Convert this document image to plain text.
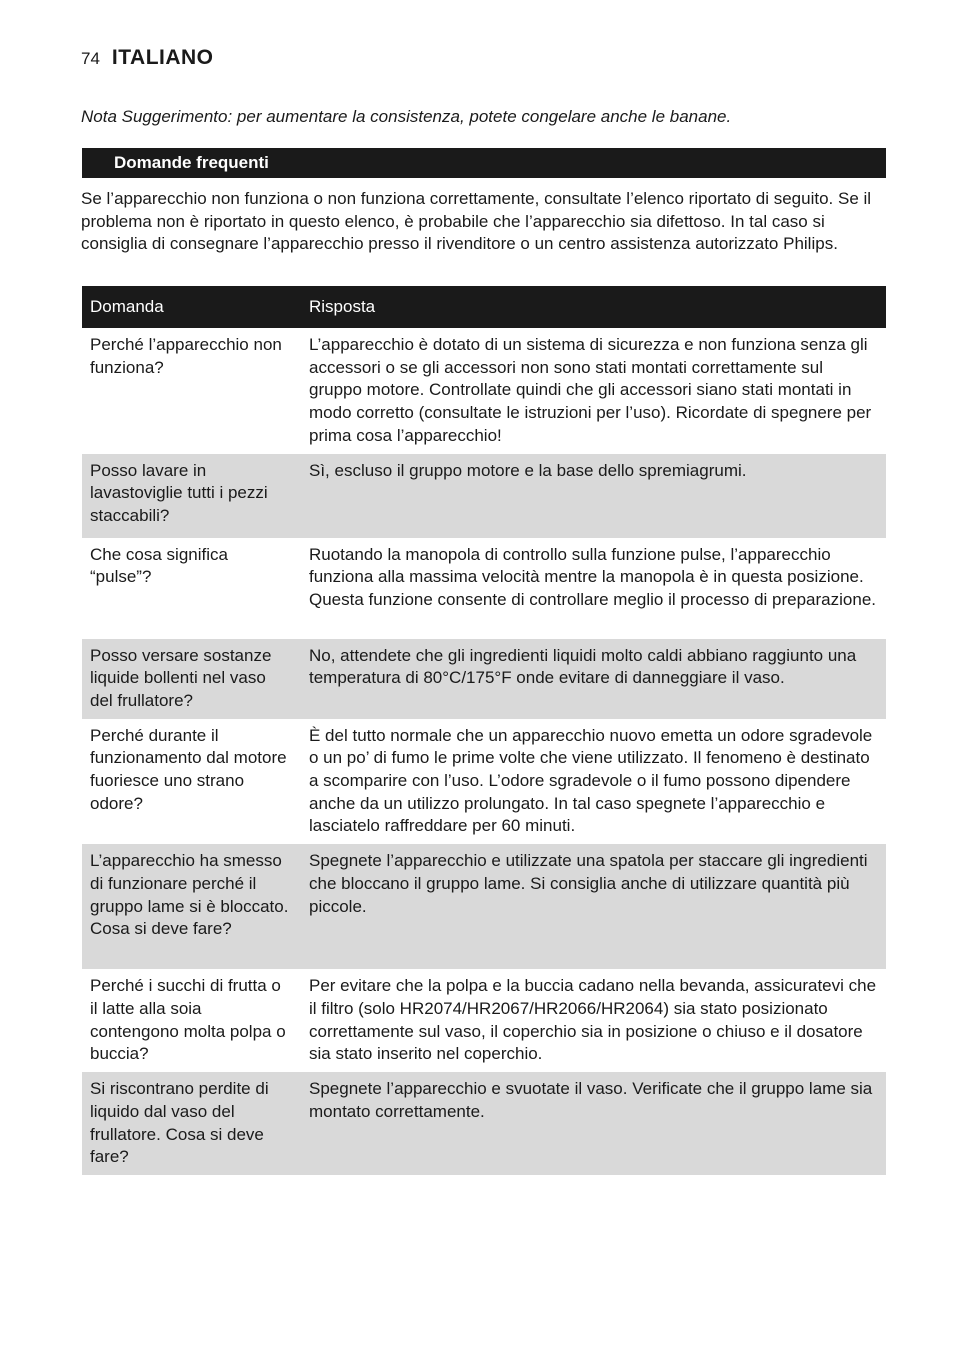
74 ITALIANO
Nota Suggerimento: per aumentare la consistenza, potete congelare anche le banane.
Domande frequenti
Se l’apparecchio non funziona o non funziona correttamente, consultate l’elenco riportato di seguito. Se il problema non è riportato in questo elenco, è probabile che l’apparecchio sia difettoso. In tal caso si consiglia di consegnare l’apparecchio presso il rivenditore o un centro assistenza autorizzato Philips.
Domanda	Risposta
Perché l’apparecchio non funziona?	L’apparecchio è dotato di un sistema di sicurezza e non funziona senza gli accessori o se gli accessori non sono stati montati correttamente sul gruppo motore. Controllate quindi che gli accessori siano stati montati in modo corretto (consultate le istruzioni per l’uso). Ricordate di spegnere per prima cosa l’apparecchio!
Posso lavare in lavastoviglie tutti i pezzi staccabili?	Sì, escluso il gruppo motore e la base dello spremiagrumi.
Che cosa significa “pulse”?	Ruotando la manopola di controllo sulla funzione pulse, l’apparecchio funziona alla massima velocità mentre la manopola è in questa posizione. Questa funzione consente di controllare meglio il processo di preparazione.
Posso versare sostanze liquide bollenti nel vaso del frullatore?	No, attendete che gli ingredienti liquidi molto caldi abbiano raggiunto una temperatura di 80°C/175°F onde evitare di danneggiare il vaso.
Perché durante il funzionamento dal motore fuoriesce uno strano odore?	È del tutto normale che un apparecchio nuovo emetta un odore sgradevole o un po’ di fumo le prime volte che viene utilizzato. Il fenomeno è destinato a scomparire con l’uso. L’odore sgradevole o il fumo possono dipendere anche da un utilizzo prolungato. In tal caso spegnete l’apparecchio e lasciatelo raffreddare per 60 minuti.
L’apparecchio ha smesso di funzionare perché il gruppo lame si è bloccato. Cosa si deve fare?	Spegnete l’apparecchio e utilizzate una spatola per staccare gli ingredienti che bloccano il gruppo lame. Si consiglia anche di utilizzare quantità più piccole.
Perché i succhi di frutta o il latte alla soia contengono molta polpa o buccia?	Per evitare che la polpa e la buccia cadano nella bevanda, assicuratevi che il filtro (solo HR2074/HR2067/HR2066/HR2064) sia stato posizionato correttamente sul vaso, il coperchio sia in posizione o chiuso e il dosatore sia stato inserito nel coperchio.
Si riscontrano perdite di liquido dal vaso del frullatore. Cosa si deve fare?	Spegnete l’apparecchio e svuotate il vaso. Verificate che il gruppo lame sia montato correttamente.
